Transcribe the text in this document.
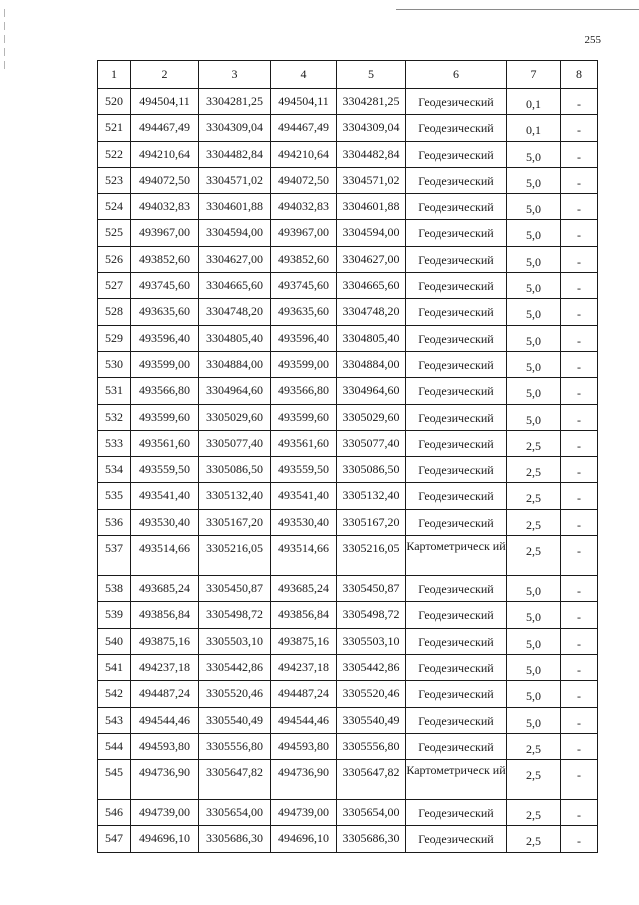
255
1	2	3	4	5	6	7	8
520	494504,11	3304281,25	494504,11	3304281,25	Геодезический	0,1	-
521	494467,49	3304309,04	494467,49	3304309,04	Геодезический	0,1	-
522	494210,64	3304482,84	494210,64	3304482,84	Геодезический	5,0	-
523	494072,50	3304571,02	494072,50	3304571,02	Геодезический	5,0	-
524	494032,83	3304601,88	494032,83	3304601,88	Геодезический	5,0	-
525	493967,00	3304594,00	493967,00	3304594,00	Геодезический	5,0	-
526	493852,60	3304627,00	493852,60	3304627,00	Геодезический	5,0	-
527	493745,60	3304665,60	493745,60	3304665,60	Геодезический	5,0	-
528	493635,60	3304748,20	493635,60	3304748,20	Геодезический	5,0	-
529	493596,40	3304805,40	493596,40	3304805,40	Геодезический	5,0	-
530	493599,00	3304884,00	493599,00	3304884,00	Геодезический	5,0	-
531	493566,80	3304964,60	493566,80	3304964,60	Геодезический	5,0	-
532	493599,60	3305029,60	493599,60	3305029,60	Геодезический	5,0	-
533	493561,60	3305077,40	493561,60	3305077,40	Геодезический	2,5	-
534	493559,50	3305086,50	493559,50	3305086,50	Геодезический	2,5	-
535	493541,40	3305132,40	493541,40	3305132,40	Геодезический	2,5	-
536	493530,40	3305167,20	493530,40	3305167,20	Геодезический	2,5	-
537	493514,66	3305216,05	493514,66	3305216,05	Картометрическ ий	2,5	-
538	493685,24	3305450,87	493685,24	3305450,87	Геодезический	5,0	-
539	493856,84	3305498,72	493856,84	3305498,72	Геодезический	5,0	-
540	493875,16	3305503,10	493875,16	3305503,10	Геодезический	5,0	-
541	494237,18	3305442,86	494237,18	3305442,86	Геодезический	5,0	-
542	494487,24	3305520,46	494487,24	3305520,46	Геодезический	5,0	-
543	494544,46	3305540,49	494544,46	3305540,49	Геодезический	5,0	-
544	494593,80	3305556,80	494593,80	3305556,80	Геодезический	2,5	-
545	494736,90	3305647,82	494736,90	3305647,82	Картометрическ ий	2,5	-
546	494739,00	3305654,00	494739,00	3305654,00	Геодезический	2,5	-
547	494696,10	3305686,30	494696,10	3305686,30	Геодезический	2,5	-
